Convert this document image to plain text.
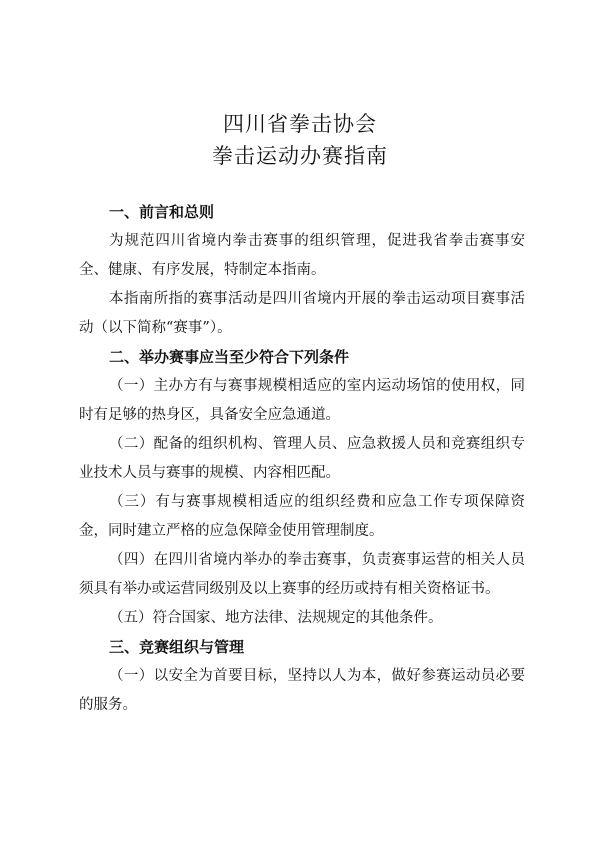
四川省拳击协会
拳击运动办赛指南
一、前言和总则
为规范四川省境内拳击赛事的组织管理，促进我省拳击赛事安全、健康、有序发展，特制定本指南。
本指南所指的赛事活动是四川省境内开展的拳击运动项目赛事活动（以下简称“赛事”）。
二、举办赛事应当至少符合下列条件
（一）主办方有与赛事规模相适应的室内运动场馆的使用权，同时有足够的热身区，具备安全应急通道。
（二）配备的组织机构、管理人员、应急救援人员和竞赛组织专业技术人员与赛事的规模、内容相匹配。
（三）有与赛事规模相适应的组织经费和应急工作专项保障资金，同时建立严格的应急保障金使用管理制度。
（四）在四川省境内举办的拳击赛事，负责赛事运营的相关人员须具有举办或运营同级别及以上赛事的经历或持有相关资格证书。
（五）符合国家、地方法律、法规规定的其他条件。
三、竞赛组织与管理
（一）以安全为首要目标，坚持以人为本，做好参赛运动员必要的服务。
